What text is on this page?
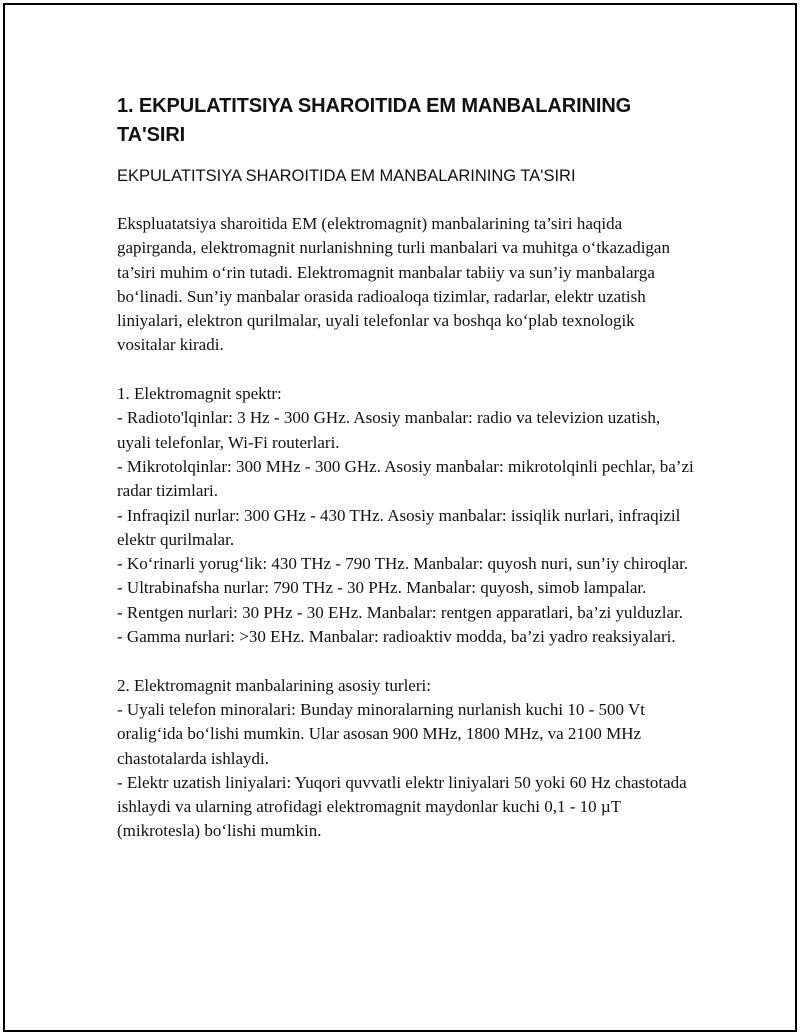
1. EKPULATITSIYA SHAROITIDA EM MANBALARINING TA'SIRI
EKPULATITSIYA SHAROITIDA EM MANBALARINING TA'SIRI

Ekspluatatsiya sharoitida EM (elektromagnit) manbalarining ta’siri haqida gapirganda, elektromagnit nurlanishning turli manbalari va muhitga o‘tkazadigan ta’siri muhim o‘rin tutadi. Elektromagnit manbalar tabiiy va sun’iy manbalarga bo‘linadi. Sun’iy manbalar orasida radioaloqa tizimlar, radarlar, elektr uzatish liniyalari, elektron qurilmalar, uyali telefonlar va boshqa ko‘plab texnologik vositalar kiradi.

1. Elektromagnit spektr:
- Radioto'lqinlar: 3 Hz - 300 GHz. Asosiy manbalar: radio va televizion uzatish, uyali telefonlar, Wi-Fi routerlari.
- Mikrotolqinlar: 300 MHz - 300 GHz. Asosiy manbalar: mikrotolqinli pechlar, ba’zi radar tizimlari.
- Infraqizil nurlar: 300 GHz - 430 THz. Asosiy manbalar: issiqlik nurlari, infraqizil elektr qurilmalar.
- Ko‘rinarli yorug‘lik: 430 THz - 790 THz. Manbalar: quyosh nuri, sun’iy chiroqlar.
- Ultrabinafsha nurlar: 790 THz - 30 PHz. Manbalar: quyosh, simob lampalar.
- Rentgen nurlari: 30 PHz - 30 EHz. Manbalar: rentgen apparatlari, ba’zi yulduzlar.
- Gamma nurlari: >30 EHz. Manbalar: radioaktiv modda, ba’zi yadro reaksiyalari.
2. Elektromagnit manbalarining asosiy turleri:
- Uyali telefon minoralari: Bunday minoralarning nurlanish kuchi 10 - 500 Vt oralig‘ida bo‘lishi mumkin. Ular asosan 900 MHz, 1800 MHz, va 2100 MHz chastotalarda ishlaydi.
- Elektr uzatish liniyalari: Yuqori quvvatli elektr liniyalari 50 yoki 60 Hz chastotada ishlaydi va ularning atrofidagi elektromagnit maydonlar kuchi 0,1 - 10 µT (mikrotesla) bo‘lishi mumkin.
